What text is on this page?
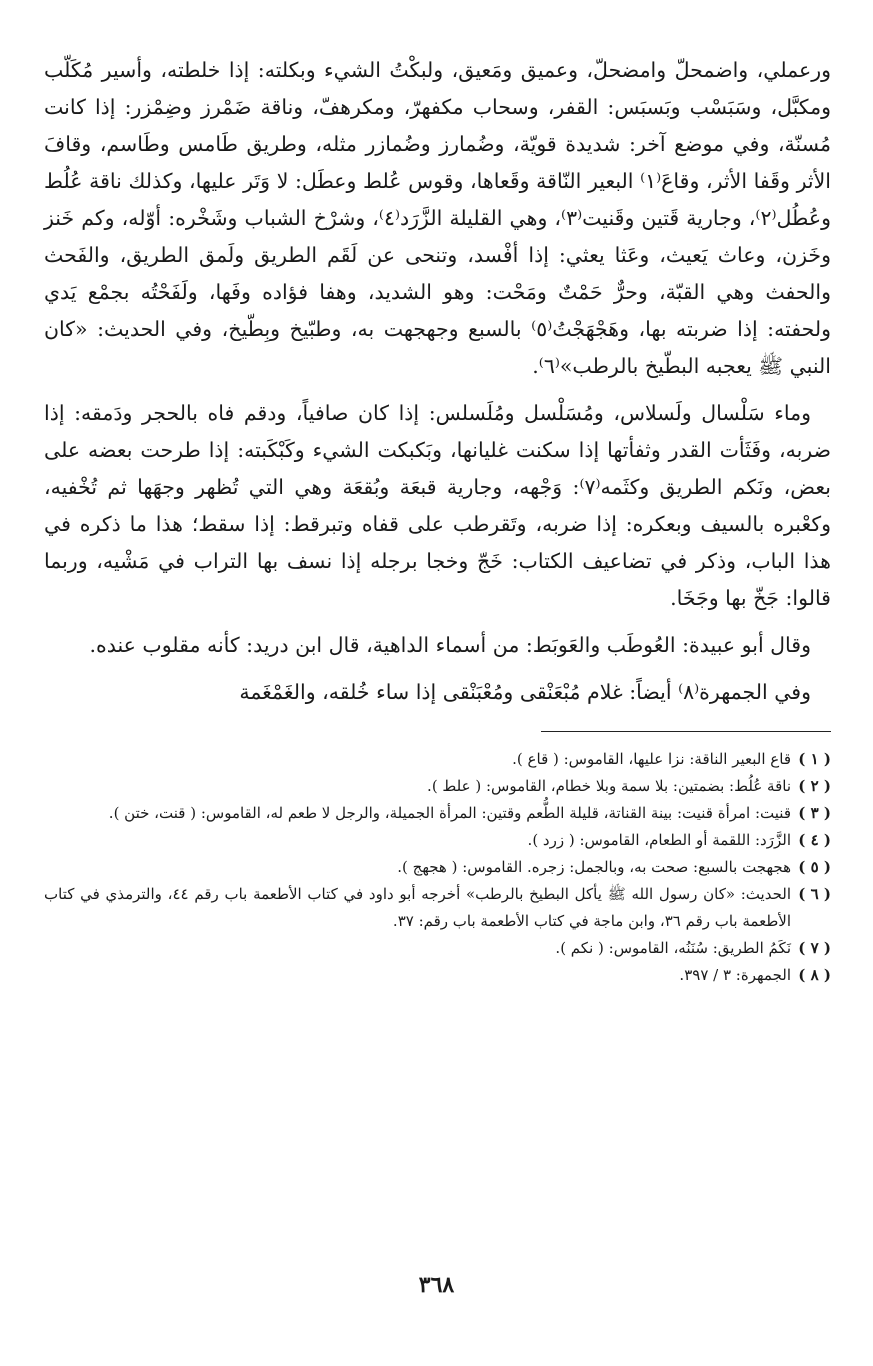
ورعملي، واضمحلّ وامضحلّ، وعميق ومَعيق، ولبكْتُ الشيء وبكلته: إذا خلطته، وأسير مُكَلّب ومكبَّل، وسَبَسْب وبَسبَس: القفر، وسحاب مكفهرّ، ومكرهفّ، وناقة ضَمْرز وضِمْزر: إذا كانت مُسنّة، وفي موضع آخر: شديدة قويّة، وضُمارز وضُمازر مثله، وطريق طَامس وطَاسم، وقافَ الأثر وقَفا الأثر، وقاعَ⁽١⁾ البعير النّاقة وقَعاها، وقوس عُلط وعطَل: لا وَتَر عليها، وكذلك ناقة عُلُط وعُطُل⁽٢⁾، وجارية قَتين وقَنيت⁽٣⁾، وهي القليلة الزَّرَد⁽٤⁾، وشرْخ الشباب وشَخْره: أوّله، وكم خَنز وخَزن، وعاث يَعيث، وعَثا يعثي: إذا أفْسد، وتنحى عن لَقَم الطريق ولَمق الطريق، والفَحث والحفث وهي القبّة، وحرٌّ حَمْتٌ ومَحْت: وهو الشديد، وهفا فؤاده وفَها، ولَفَحْتُه بجمْع يَدي ولحفته: إذا ضربته بها، وهَجْهَجْتُ⁽٥⁾ بالسبع وجهجهت به، وطبّيخ وبِطّيخ، وفي الحديث: «كان النبي ﷺ يعجبه البطّيخ بالرطب»⁽٦⁾.

وماء سَلْسال ولَسلاس، ومُسَلْسل ومُلَسلس: إذا كان صافياً، ودقم فاه بالحجر ودَمقه: إذا ضربه، وفَثَأت القدر وثفأتها إذا سكنت غليانها، وبَكبكت الشيء وكَبْكَبته: إذا طرحت بعضه على بعض، ونَكم الطريق وكثَمه⁽٧⁾: وَجْهه، وجارية قبعَة وبُقعَة وهي التي تُظهر وجهَها ثم تُخْفيه، وكعْبره بالسيف وبعكره: إذا ضربه، وتَقرطب على قفاه وتبرقط: إذا سقط؛ هذا ما ذكره في هذا الباب، وذكر في تضاعيف الكتاب: خَجّ وخجا برجله إذا نسف بها التراب في مَشْيه، وربما قالوا: جَخّ بها وجَخَا.

وقال أبو عبيدة: العُوطَب والعَوبَط: من أسماء الداهية، قال ابن دريد: كأنه مقلوب عنده.

وفي الجمهرة⁽٨⁾ أيضاً: غلام مُبْعَنْقى ومُعْبَنْقى إذا ساء خُلقه، والغَمْغَمة

( ١ )
قاع البعير الناقة: نزا عليها، القاموس: ( قاع ).
( ٢ )
ناقة عُلُط: بضمتين: بلا سمة وبلا خطام، القاموس: ( علط ).
( ٣ )
قنيت: امرأة قنيت: بينة القناتة، قليلة الطُّعم وقتين: المرأة الجميلة، والرجل لا طعم له، القاموس: ( قنت، ختن ).
( ٤ )
الزَّرَد: اللقمة أو الطعام، القاموس: ( زرد ).
( ٥ )
هجهجت بالسبع: صحت به، وبالجمل: زجره. القاموس: ( هجهج ).
( ٦ )
الحديث: «كان رسول الله ﷺ يأكل البطيخ بالرطب» أخرجه أبو داود في كتاب الأطعمة باب رقم ٤٤، والترمذي في كتاب الأطعمة باب رقم ٣٦، وابن ماجة في كتاب الأطعمة باب رقم: ٣٧.
( ٧ )
نَكَمُ الطريق: سُنَنُه، القاموس: ( نكم ).
( ٨ )
الجمهرة: ٣ / ٣٩٧.
٣٦٨
